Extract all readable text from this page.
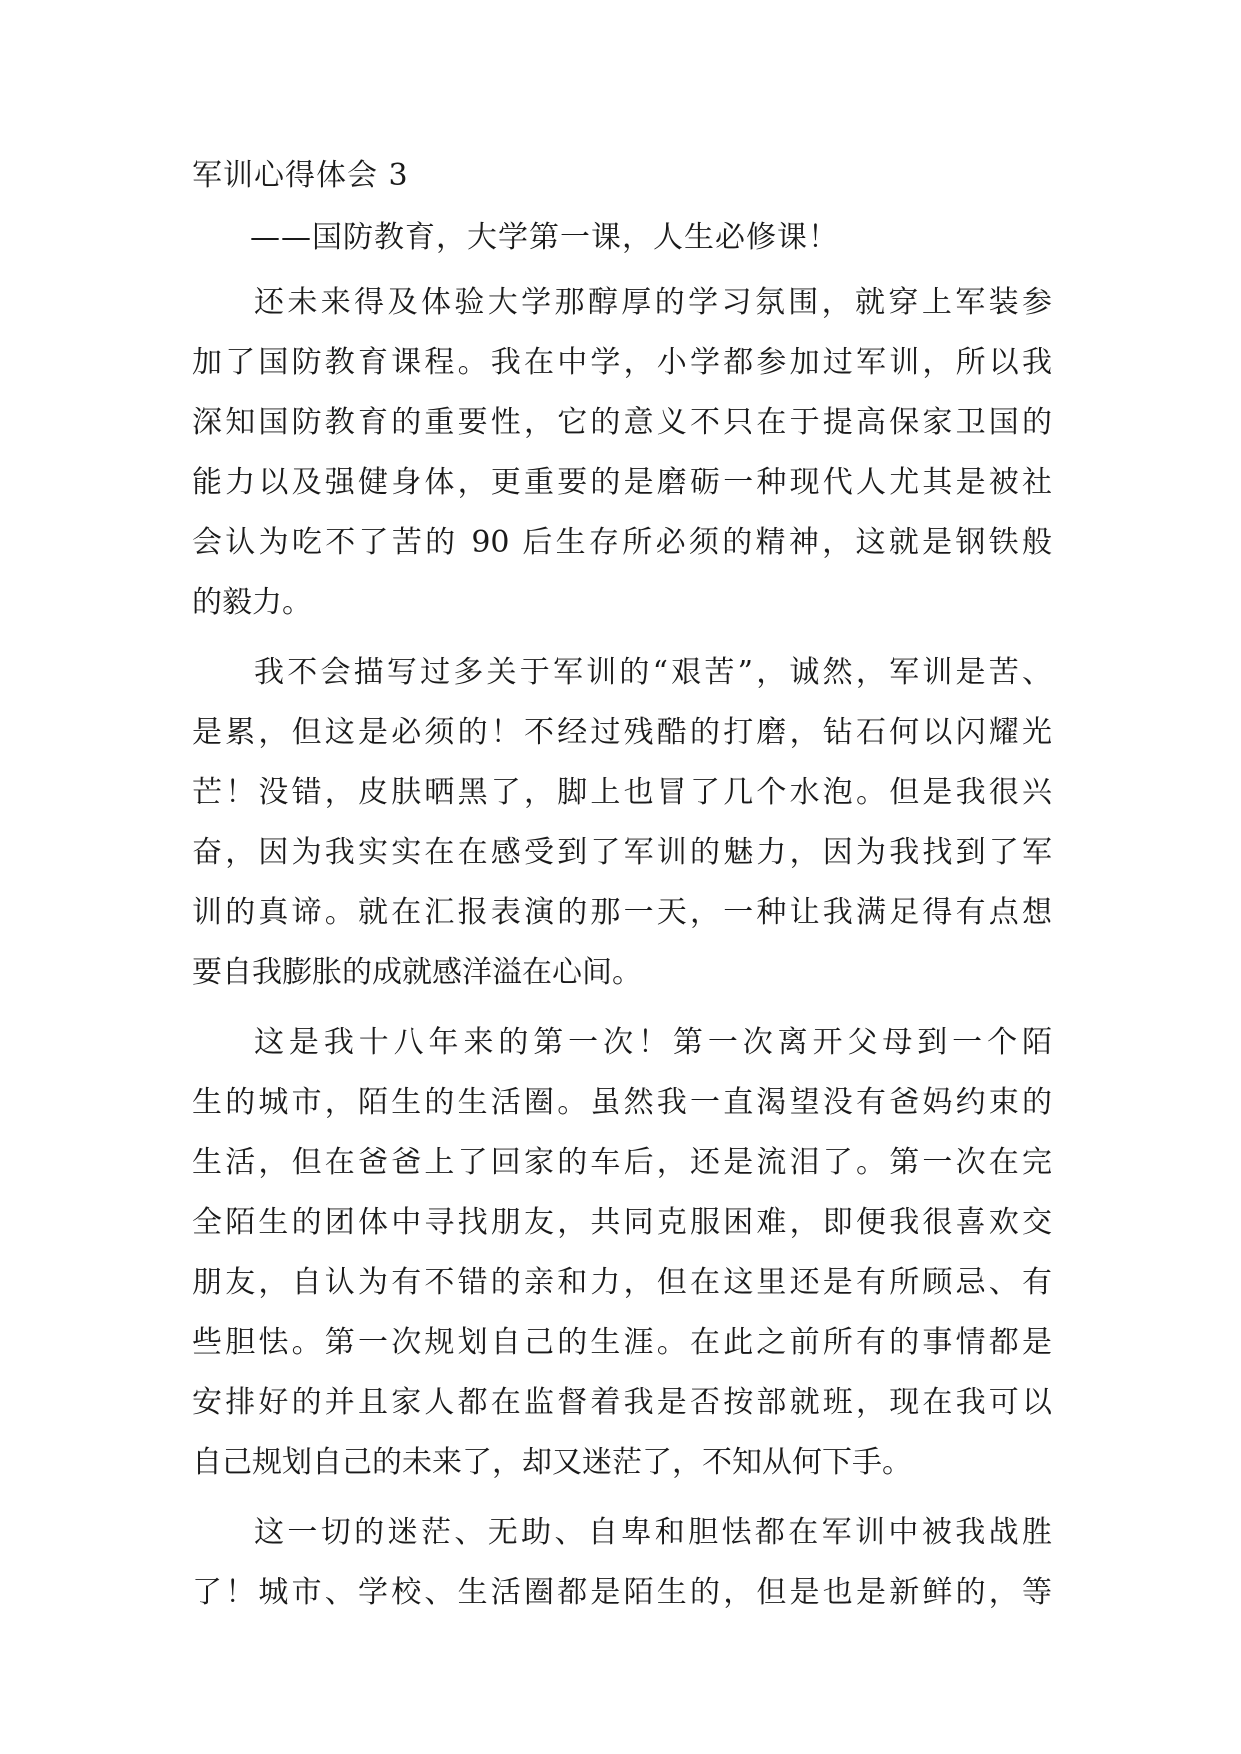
军训心得体会 3
——国防教育，大学第一课，人生必修课！
还未来得及体验大学那醇厚的学习氛围，就穿上军装参
加了国防教育课程。我在中学，小学都参加过军训，所以我
深知国防教育的重要性，它的意义不只在于提高保家卫国的
能力以及强健身体，更重要的是磨砺一种现代人尤其是被社
会认为吃不了苦的 90 后生存所必须的精神，这就是钢铁般
的毅力。
我不会描写过多关于军训的“艰苦”，诚然，军训是苦、
是累，但这是必须的！不经过残酷的打磨，钻石何以闪耀光
芒！没错，皮肤晒黑了，脚上也冒了几个水泡。但是我很兴
奋，因为我实实在在感受到了军训的魅力，因为我找到了军
训的真谛。就在汇报表演的那一天，一种让我满足得有点想
要自我膨胀的成就感洋溢在心间。
这是我十八年来的第一次！第一次离开父母到一个陌
生的城市，陌生的生活圈。虽然我一直渴望没有爸妈约束的
生活，但在爸爸上了回家的车后，还是流泪了。第一次在完
全陌生的团体中寻找朋友，共同克服困难，即便我很喜欢交
朋友，自认为有不错的亲和力，但在这里还是有所顾忌、有
些胆怯。第一次规划自己的生涯。在此之前所有的事情都是
安排好的并且家人都在监督着我是否按部就班，现在我可以
自己规划自己的未来了，却又迷茫了，不知从何下手。
这一切的迷茫、无助、自卑和胆怯都在军训中被我战胜
了！城市、学校、生活圈都是陌生的，但是也是新鲜的，等
